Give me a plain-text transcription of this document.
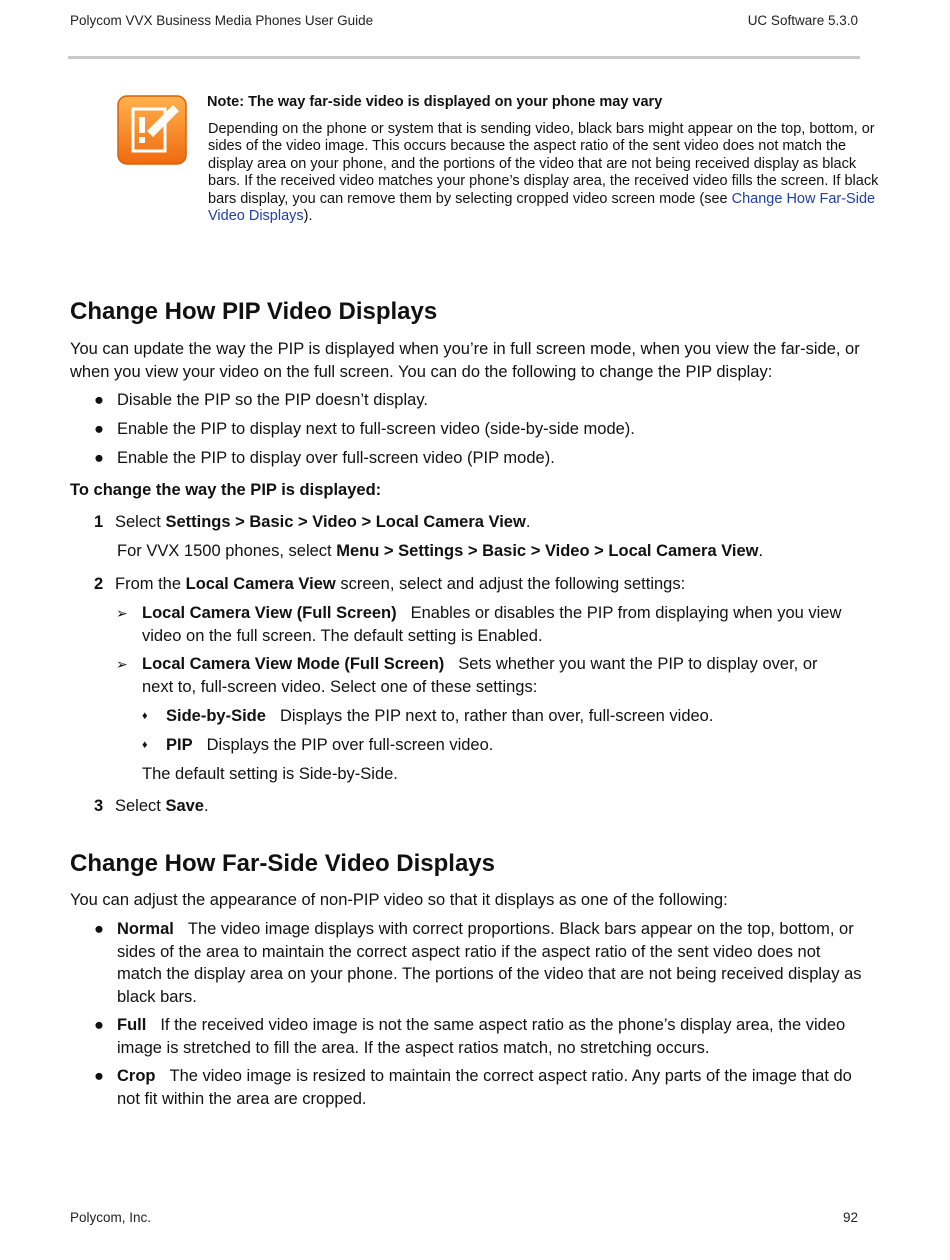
Polycom VVX Business Media Phones User Guide	UC Software 5.3.0
Note: The way far-side video is displayed on your phone may vary
Depending on the phone or system that is sending video, black bars might appear on the top, bottom, or sides of the video image. This occurs because the aspect ratio of the sent video does not match the display area on your phone, and the portions of the video that are not being received display as black bars. If the received video matches your phone’s display area, the received video fills the screen. If black bars display, you can remove them by selecting cropped video screen mode (see Change How Far-Side Video Displays).
Change How PIP Video Displays
You can update the way the PIP is displayed when you’re in full screen mode, when you view the far-side, or when you view your video on the full screen. You can do the following to change the PIP display:
● Disable the PIP so the PIP doesn’t display.
● Enable the PIP to display next to full-screen video (side-by-side mode).
● Enable the PIP to display over full-screen video (PIP mode).
To change the way the PIP is displayed:
1 Select Settings > Basic > Video > Local Camera View.
For VVX 1500 phones, select Menu > Settings > Basic > Video > Local Camera View.
2 From the Local Camera View screen, select and adjust the following settings:
➢ Local Camera View (Full Screen) Enables or disables the PIP from displaying when you view video on the full screen. The default setting is Enabled.
➢ Local Camera View Mode (Full Screen) Sets whether you want the PIP to display over, or next to, full-screen video. Select one of these settings:
♦	Side-by-Side Displays the PIP next to, rather than over, full-screen video.
♦	PIP Displays the PIP over full-screen video.
The default setting is Side-by-Side.
3 Select Save.
Change How Far-Side Video Displays
You can adjust the appearance of non-PIP video so that it displays as one of the following:
● Normal The video image displays with correct proportions. Black bars appear on the top, bottom, or sides of the area to maintain the correct aspect ratio if the aspect ratio of the sent video does not match the display area on your phone. The portions of the video that are not being received display as black bars.
● Full If the received video image is not the same aspect ratio as the phone’s display area, the video image is stretched to fill the area. If the aspect ratios match, no stretching occurs.
● Crop The video image is resized to maintain the correct aspect ratio. Any parts of the image that do not fit within the area are cropped.
Polycom, Inc.	92
